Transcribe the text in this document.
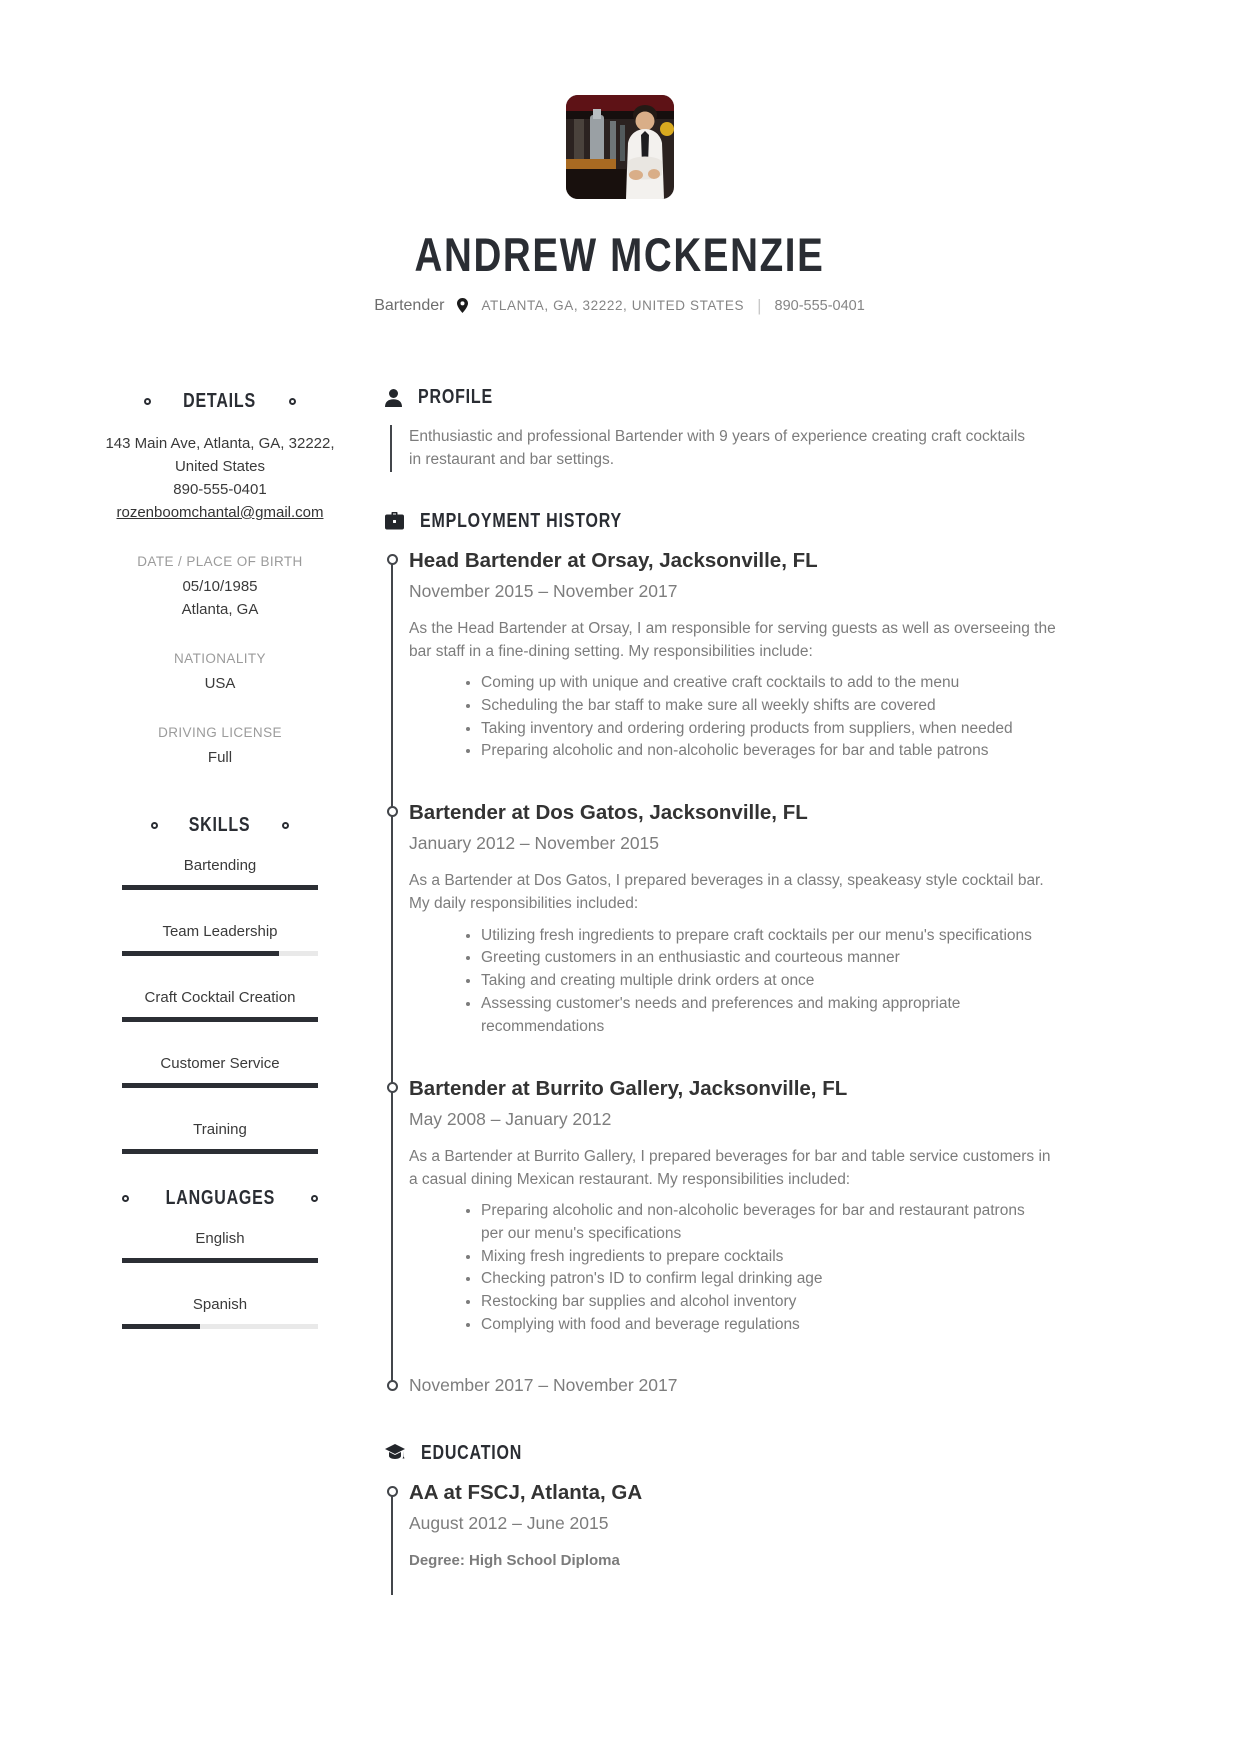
ANDREW MCKENZIE
Bartender	ATLANTA, GA, 32222, UNITED STATES | 890-555-0401
DETAILS
143 Main Ave, Atlanta, GA, 32222,
United States
890-555-0401
rozenboomchantal@gmail.com
DATE / PLACE OF BIRTH
05/10/1985
Atlanta, GA
NATIONALITY
USA
DRIVING LICENSE
Full
SKILLS
Bartending
Team Leadership
Craft Cocktail Creation
Customer Service
Training
LANGUAGES
English
Spanish
PROFILE

Enthusiastic and professional Bartender with 9 years of experience creating craft cocktails in restaurant and bar settings.

EMPLOYMENT HISTORY
Head Bartender at Orsay, Jacksonville, FL
November 2015 – November 2017
As the Head Bartender at Orsay, I am responsible for serving guests as well as overseeing the bar staff in a fine-dining setting. My responsibilities include:
• Coming up with unique and creative craft cocktails to add to the menu
• Scheduling the bar staff to make sure all weekly shifts are covered
• Taking inventory and ordering ordering products from suppliers, when needed
• Preparing alcoholic and non-alcoholic beverages for bar and table patrons
Bartender at Dos Gatos, Jacksonville, FL
January 2012 – November 2015
As a Bartender at Dos Gatos, I prepared beverages in a classy, speakeasy style cocktail bar. My daily responsibilities included:
• Utilizing fresh ingredients to prepare craft cocktails per our menu's specifications
• Greeting customers in an enthusiastic and courteous manner
• Taking and creating multiple drink orders at once
• Assessing customer's needs and preferences and making appropriate recommendations
Bartender at Burrito Gallery, Jacksonville, FL
May 2008 – January 2012
As a Bartender at Burrito Gallery, I prepared beverages for bar and table service customers in a casual dining Mexican restaurant. My responsibilities included:
• Preparing alcoholic and non-alcoholic beverages for bar and restaurant patrons per our menu's specifications
• Mixing fresh ingredients to prepare cocktails
• Checking patron's ID to confirm legal drinking age
• Restocking bar supplies and alcohol inventory
• Complying with food and beverage regulations
November 2017 – November 2017
EDUCATION
AA at FSCJ, Atlanta, GA
August 2012 – June 2015
Degree: High School Diploma
